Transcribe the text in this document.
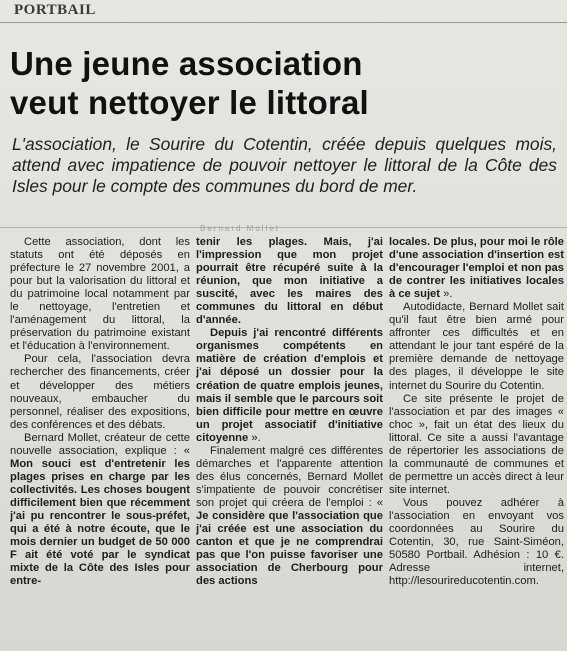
PORTBAIL
Une jeune association
veut nettoyer le littoral

L'association, le Sourire du Cotentin, créée depuis quelques mois, attend avec impatience de pouvoir nettoyer le littoral de la Côte des Isles pour le compte des communes du bord de mer.

Bernard Mollet

Cette association, dont les statuts ont été déposés en préfecture le 27 novembre 2001, a pour but la valorisation du littoral et du patrimoine local notamment par le nettoyage, l'entretien et l'aménagement du littoral, la préservation du patrimoine existant et l'éducation à l'environnement.

Pour cela, l'association devra rechercher des financements, créer et développer des métiers nouveaux, embaucher du personnel, réaliser des expositions, des conférences et des débats.

Bernard Mollet, créateur de cette nouvelle association, explique : « Mon souci est d'entretenir les plages prises en charge par les collectivités. Les choses bougent difficilement bien que récemment j'ai pu rencontrer le sous-préfet, qui a été à notre écoute, que le mois dernier un budget de 50 000 F ait été voté par le syndicat mixte de la Côte des Isles pour entre-

tenir les plages. Mais, j'ai l'impression que mon projet pourrait être récupéré suite à la réunion, que mon initiative a suscité, avec les maires des communes du littoral en début d'année.

Depuis j'ai rencontré différents organismes compétents en matière de création d'emplois et j'ai déposé un dossier pour la création de quatre emplois jeunes, mais il semble que le parcours soit bien difficile pour mettre en œuvre un projet associatif d'initiative citoyenne ».

Finalement malgré ces différentes démarches et l'apparente attention des élus concernés, Bernard Mollet s'impatiente de pouvoir concrétiser son projet qui créera de l'emploi : « Je considère que l'association que j'ai créée est une association du canton et que je ne comprendrai pas que l'on puisse favoriser une association de Cherbourg pour des actions

locales. De plus, pour moi le rôle d'une association d'insertion est d'encourager l'emploi et non pas de contrer les initiatives locales à ce sujet ».

Autodidacte, Bernard Mollet sait qu'il faut être bien armé pour affronter ces difficultés et en attendant le jour tant espéré de la première demande de nettoyage des plages, il développe le site internet du Sourire du Cotentin.

Ce site présente le projet de l'association et par des images « choc », fait un état des lieux du littoral. Ce site a aussi l'avantage de répertorier les associations de la communauté de communes et de permettre un accès direct à leur site internet.

Vous pouvez adhérer à l'association en envoyant vos coordonnées au Sourire du Cotentin, 30, rue Saint-Siméon, 50580 Portbail. Adhésion : 10 €. Adresse internet, http://lesourireducotentin.com.
